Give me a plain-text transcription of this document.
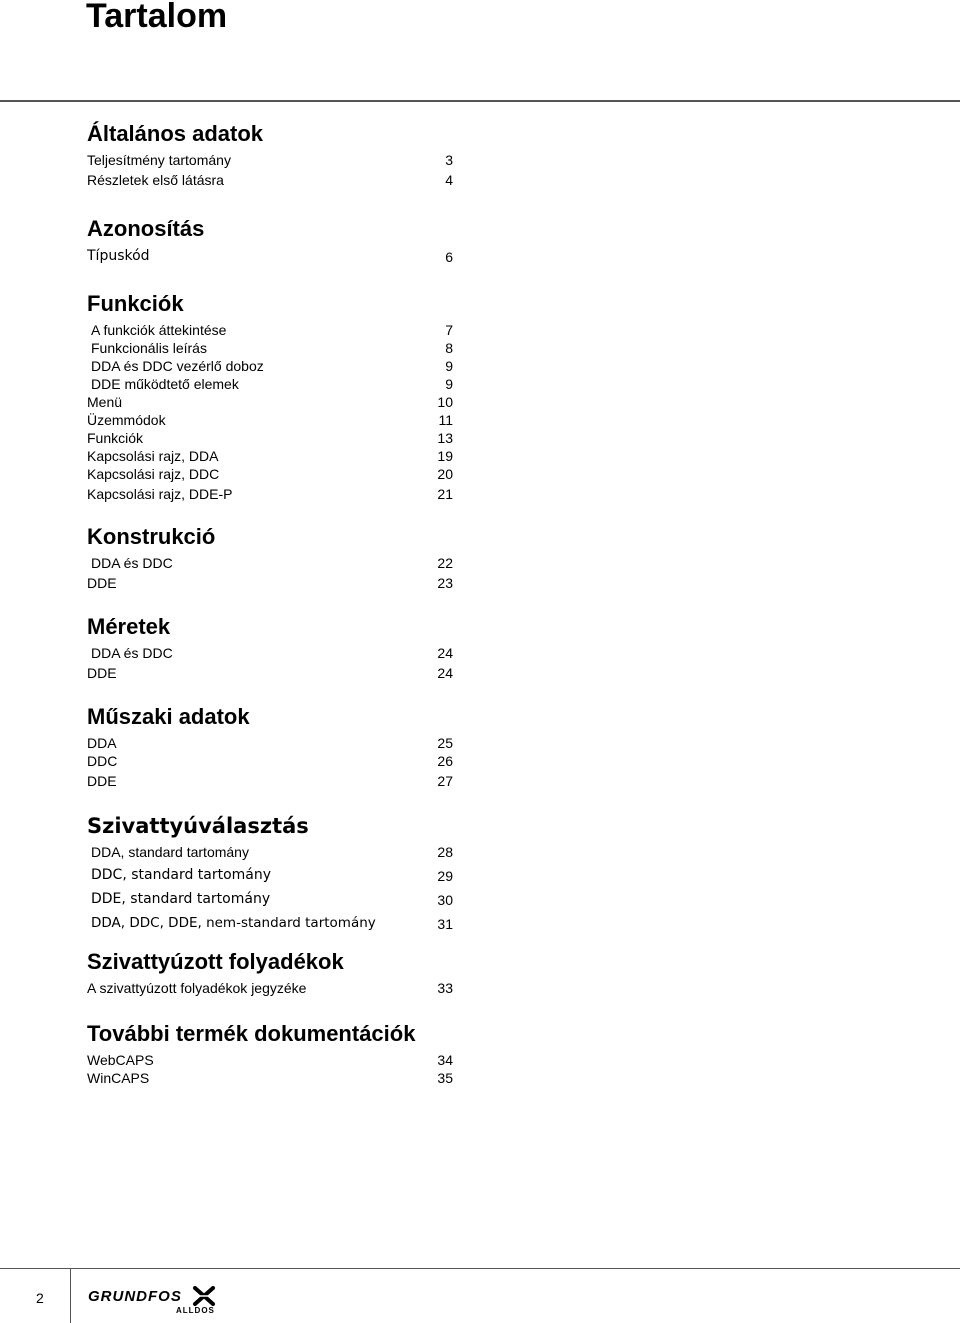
Tartalom
Általános adatok
Teljesítmény tartomány	3
Részletek első látásra	4
Azonosítás
Típuskód	6
Funkciók
A funkciók áttekintése	7
Funkcionális leírás	8
DDA és DDC vezérlő doboz	9
DDE működtető elemek	9
Menü	10
Üzemmódok	11
Funkciók	13
Kapcsolási rajz, DDA	19
Kapcsolási rajz, DDC	20
Kapcsolási rajz, DDE-P	21
Konstrukció
DDA és DDC	22
DDE	23
Méretek
DDA és DDC	24
DDE	24
Műszaki adatok
DDA	25
DDC	26
DDE	27
Szivattyúválasztás
DDA, standard tartomány	28
DDC, standard tartomány	29
DDE, standard tartomány	30
DDA, DDC, DDE, nem-standard tartomány	31
Szivattyúzott folyadékok
A szivattyúzott folyadékok jegyzéke	33
További termék dokumentációk
WebCAPS	34
WinCAPS	35
2	GRUNDFOS
ALLDOS
